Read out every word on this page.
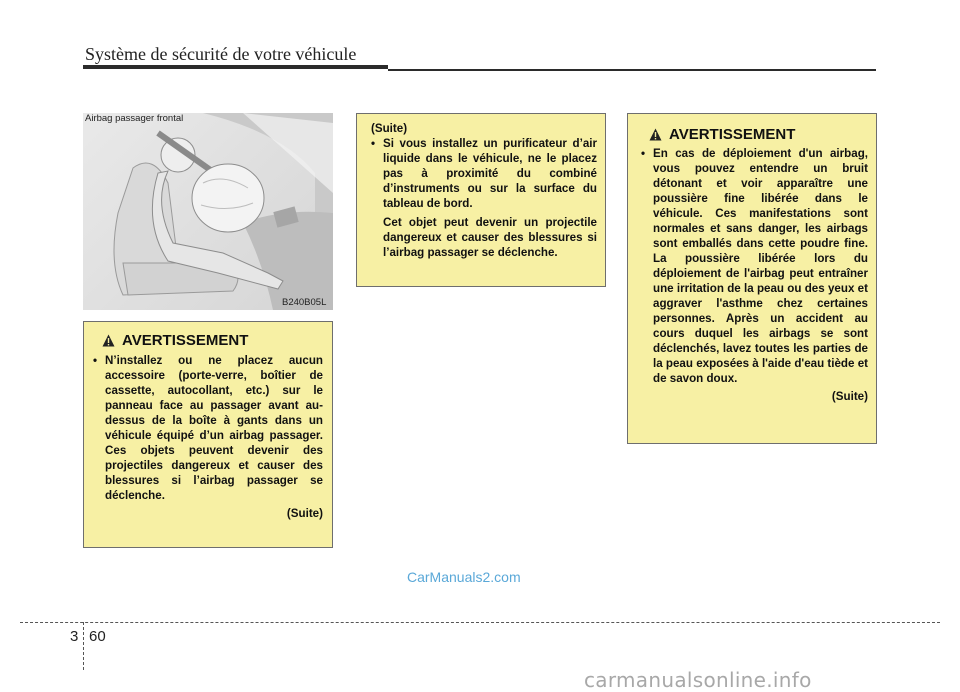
Système de sécurité de votre véhicule
Airbag passager frontal
B240B05L
AVERTISSEMENT
• N’installez ou ne placez aucun accessoire (porte-verre, boîtier de cassette, autocollant, etc.) sur le panneau face au passager avant au-dessus de la boîte à gants dans un véhicule équipé d’un airbag passager. Ces objets peuvent devenir des projectiles dangereux et causer des blessures si l’airbag passager se déclenche.
(Suite)
(Suite)
• Si vous installez un purificateur d’air liquide dans le véhicule, ne le placez pas à proximité du combiné d’instruments ou sur la surface du tableau de bord.
Cet objet peut devenir un projectile dangereux et causer des blessures si l’airbag passager se déclenche.
AVERTISSEMENT
• En cas de déploiement d'un airbag, vous pouvez entendre un bruit détonant et voir apparaître une poussière fine libérée dans le véhicule. Ces manifestations sont normales et sans danger, les airbags sont emballés dans cette poudre fine. La poussière libérée lors du déploiement de l'airbag peut entraîner une irritation de la peau ou des yeux et aggraver l'asthme chez certaines personnes. Après un accident au cours duquel les airbags se sont déclenchés, lavez toutes les parties de la peau exposées à l'aide d'eau tiède et de savon doux.
(Suite)
CarManuals2.com
3 60
carmanualsonline.info
